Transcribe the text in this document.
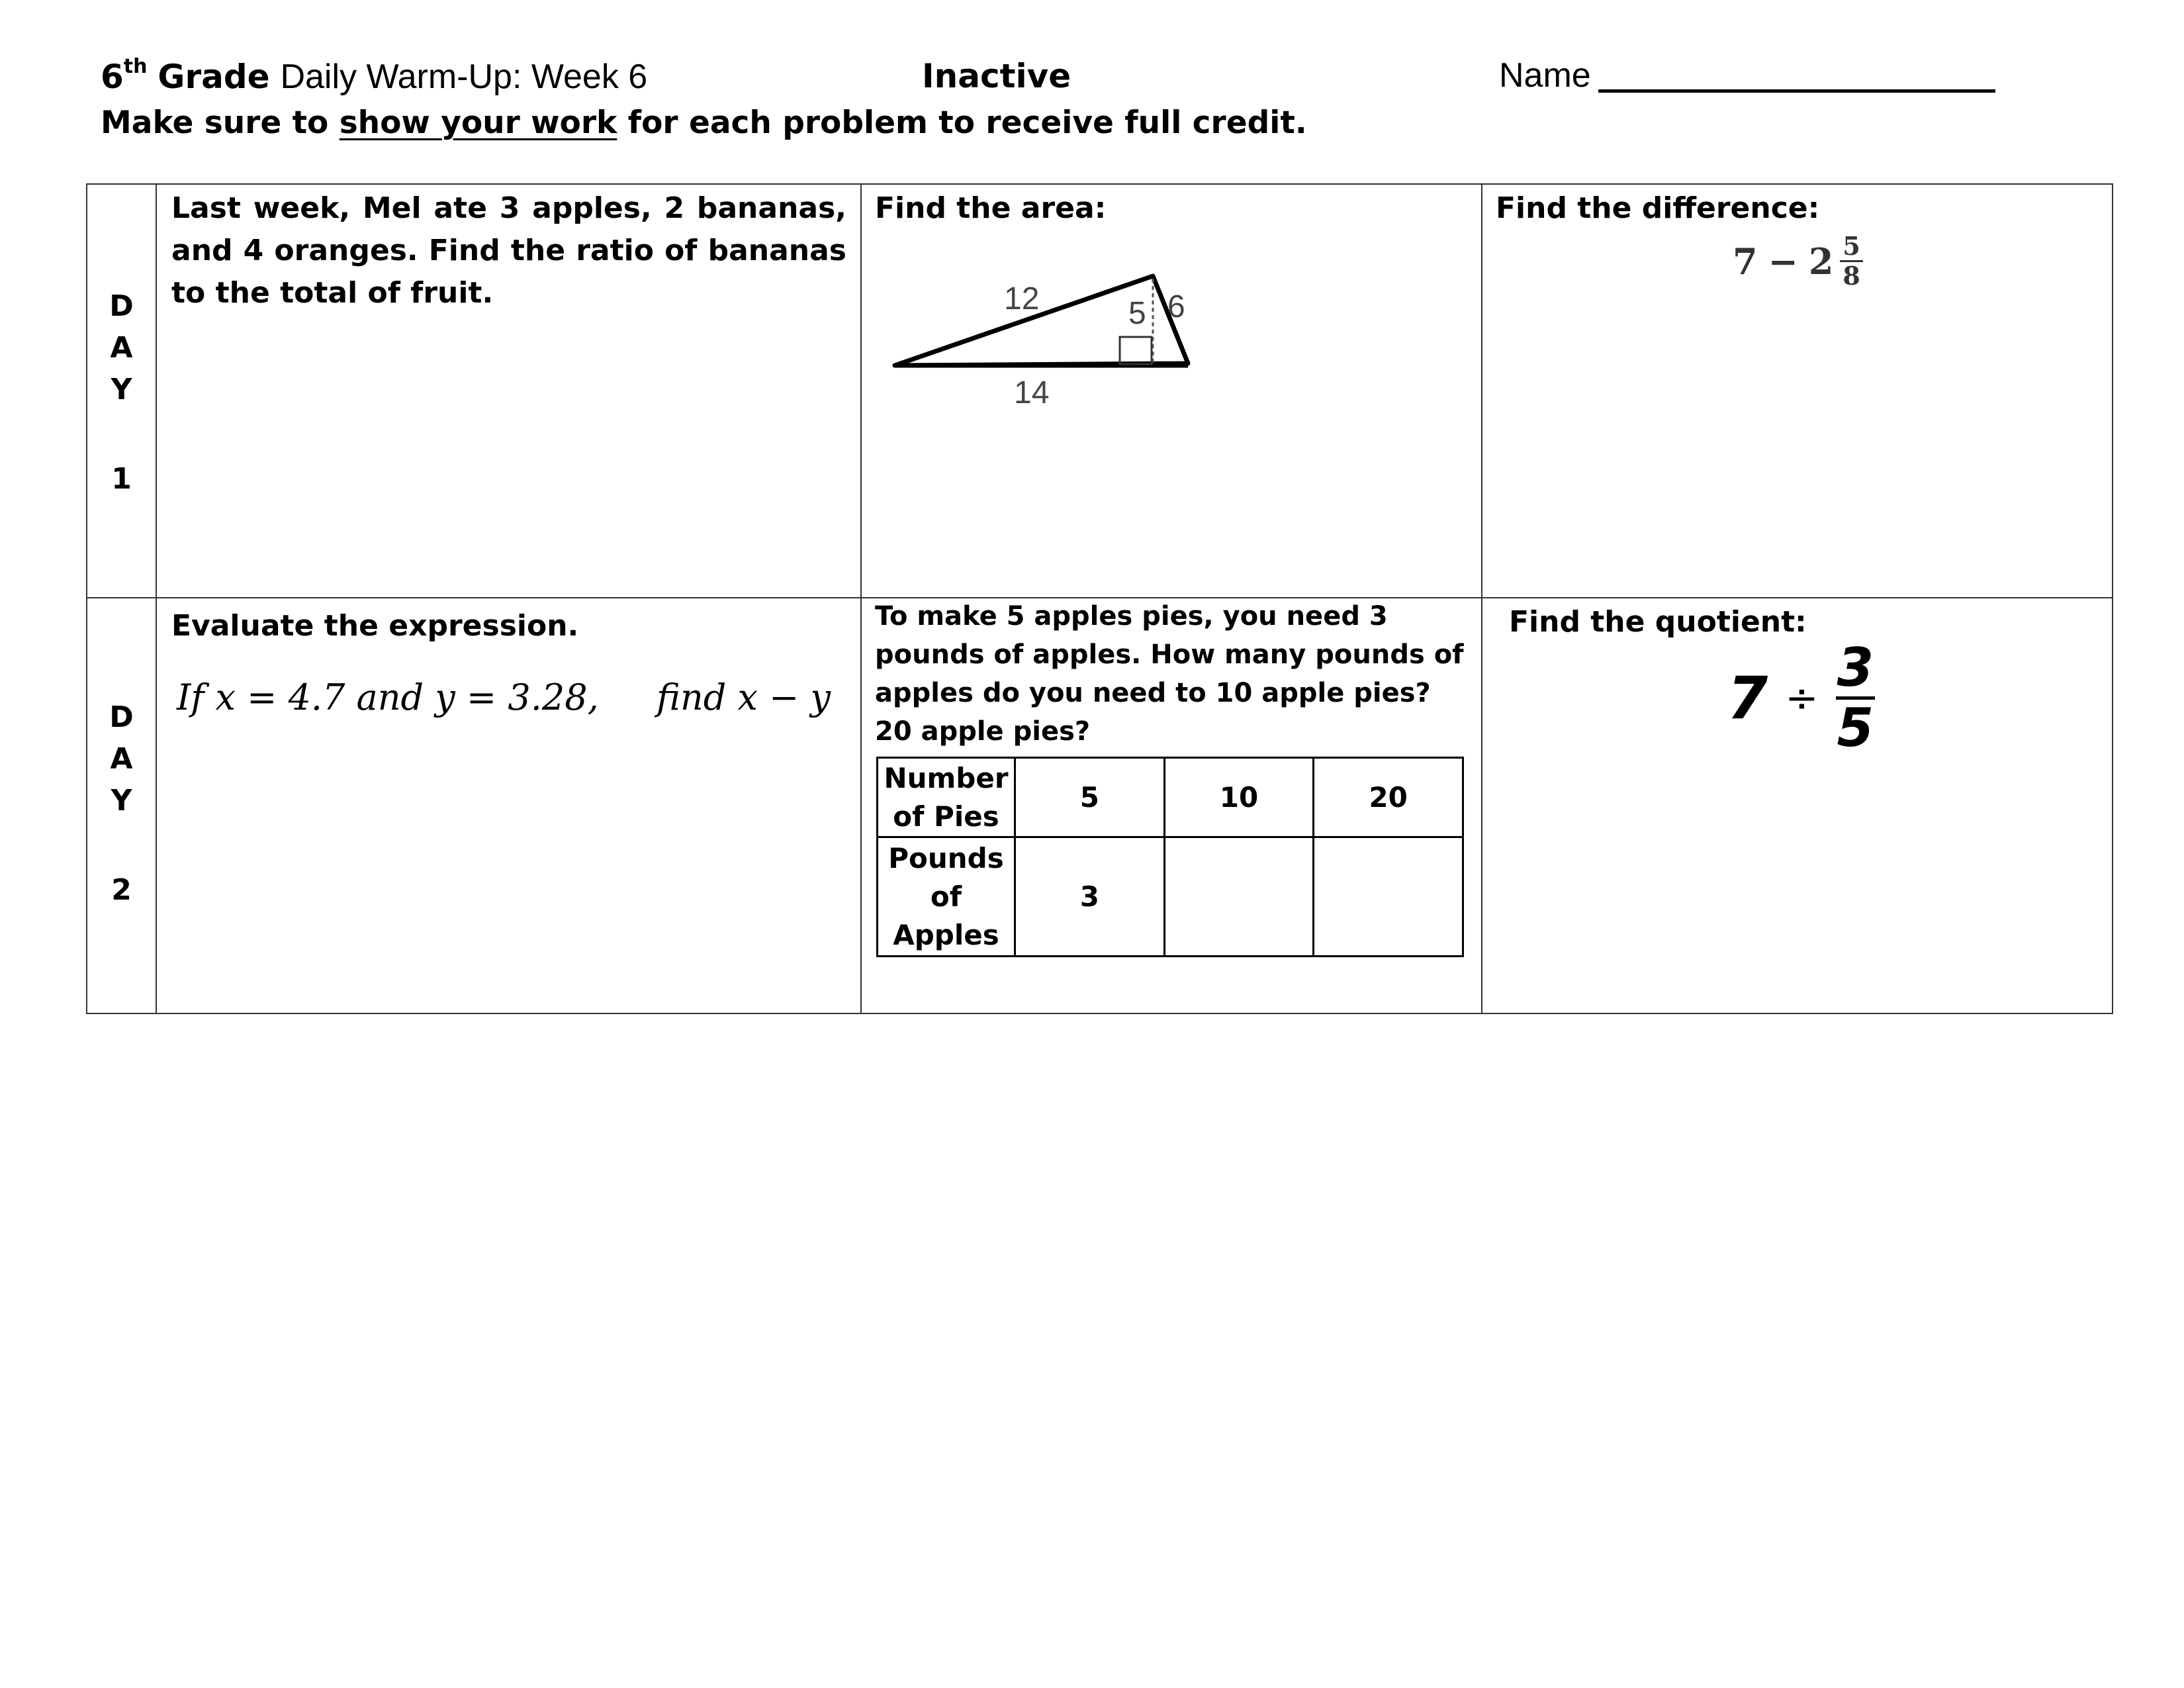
6th Grade Daily Warm-Up: Week 6	Inactive	Name
Make sure to show your work for each problem to receive full credit.
D
A
Y
1

Last week, Mel ate 3 apples, 2 bananas, and 4 oranges. Find the ratio of bananas to the total of fruit.

Find the area:
12	5 6
14

Find the difference:
7 − 2 5
8

D
A
Y
2

Evaluate the expression.
If x = 4.7 and y = 3.28, find x − y

To make 5 apples pies, you need 3 pounds of apples. How many pounds of apples do you need to 10 apple pies? 20 apple pies?
Number of Pies	5	10	20
Pounds of Apples	3		

Find the quotient:
$7 \div \frac{3}{5}$
